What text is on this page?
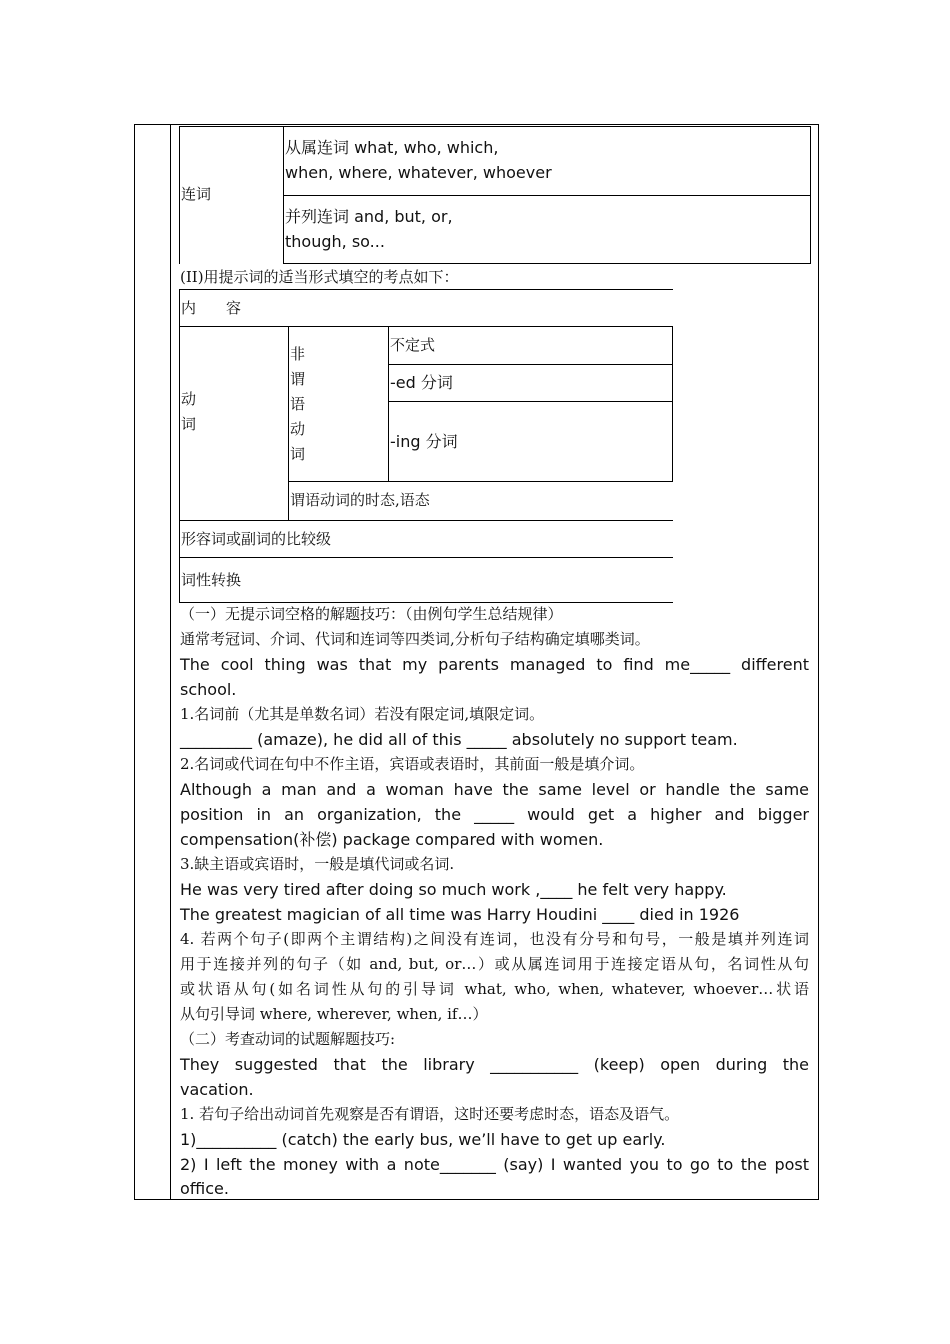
连词
从属连词 what, who, which,
when, where, whatever, whoever
并列连词 and, but, or,
though, so...
(II)用提示词的适当形式填空的考点如下：
内　　容
动
词
非
谓
语
动
词
不定式
-ed 分词
-ing 分词
谓语动词的时态,语态
形容词或副词的比较级
词性转换
（一）无提示词空格的解题技巧：（由例句学生总结规律）
通常考冠词、介词、代词和连词等四类词,分析句子结构确定填哪类词。
The cool thing was that my parents managed to find me_____ different
school.
1.名词前（尤其是单数名词）若没有限定词,填限定词。
_________ (amaze), he did all of this _____ absolutely no support team.
2.名词或代词在句中不作主语，宾语或表语时，其前面一般是填介词。
Although a man and a woman have the same level or handle the same
position in an organization, the _____ would get a higher and bigger
compensation(补偿) package compared with women.
3.缺主语或宾语时，一般是填代词或名词.
He was very tired after doing so much work ,____ he felt very happy.
The greatest magician of all time was Harry Houdini ____ died in 1926
4. 若两个句子(即两个主谓结构)之间没有连词，也没有分号和句号，一般是填并列连词
用于连接并列的句子（如 and, but, or…）或从属连词用于连接定语从句，名词性从句
或状语从句(如名词性从句的引导词 what, who, when, whatever, whoever…状语
从句引导词 where, wherever, when, if…）
（二）考查动词的试题解题技巧:
They suggested that the library ___________ (keep) open during the
vacation.
1. 若句子给出动词首先观察是否有谓语，这时还要考虑时态，语态及语气。
1)__________ (catch) the early bus, we’ll have to get up early.
2) I left the money with a note_______ (say) I wanted you to go to the post
office.
